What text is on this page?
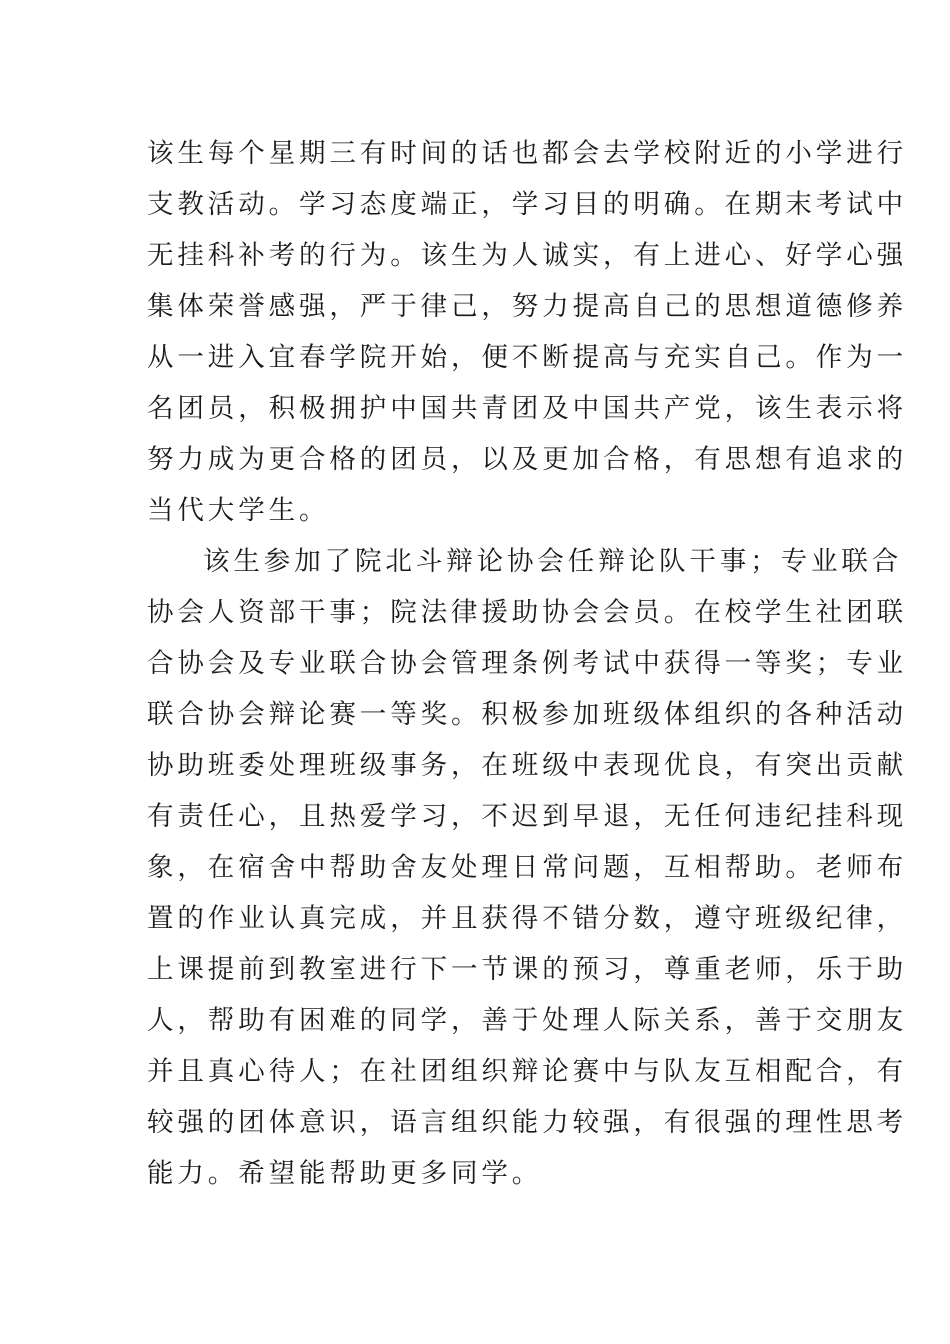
该生每个星期三有时间的话也都会去学校附近的小学进行
支教活动。学习态度端正，学习目的明确。在期末考试中
无挂科补考的行为。该生为人诚实，有上进心、好学心强
集体荣誉感强，严于律己，努力提高自己的思想道德修养
从一进入宜春学院开始，便不断提高与充实自己。作为一
名团员，积极拥护中国共青团及中国共产党，该生表示将
努力成为更合格的团员，以及更加合格，有思想有追求的
当代大学生。
该生参加了院北斗辩论协会任辩论队干事；专业联合
协会人资部干事；院法律援助协会会员。在校学生社团联
合协会及专业联合协会管理条例考试中获得一等奖；专业
联合协会辩论赛一等奖。积极参加班级体组织的各种活动
协助班委处理班级事务，在班级中表现优良，有突出贡献
有责任心，且热爱学习，不迟到早退，无任何违纪挂科现
象，在宿舍中帮助舍友处理日常问题，互相帮助。老师布
置的作业认真完成，并且获得不错分数，遵守班级纪律，
上课提前到教室进行下一节课的预习，尊重老师，乐于助
人，帮助有困难的同学，善于处理人际关系，善于交朋友
并且真心待人；在社团组织辩论赛中与队友互相配合，有
较强的团体意识，语言组织能力较强，有很强的理性思考
能力。希望能帮助更多同学。
